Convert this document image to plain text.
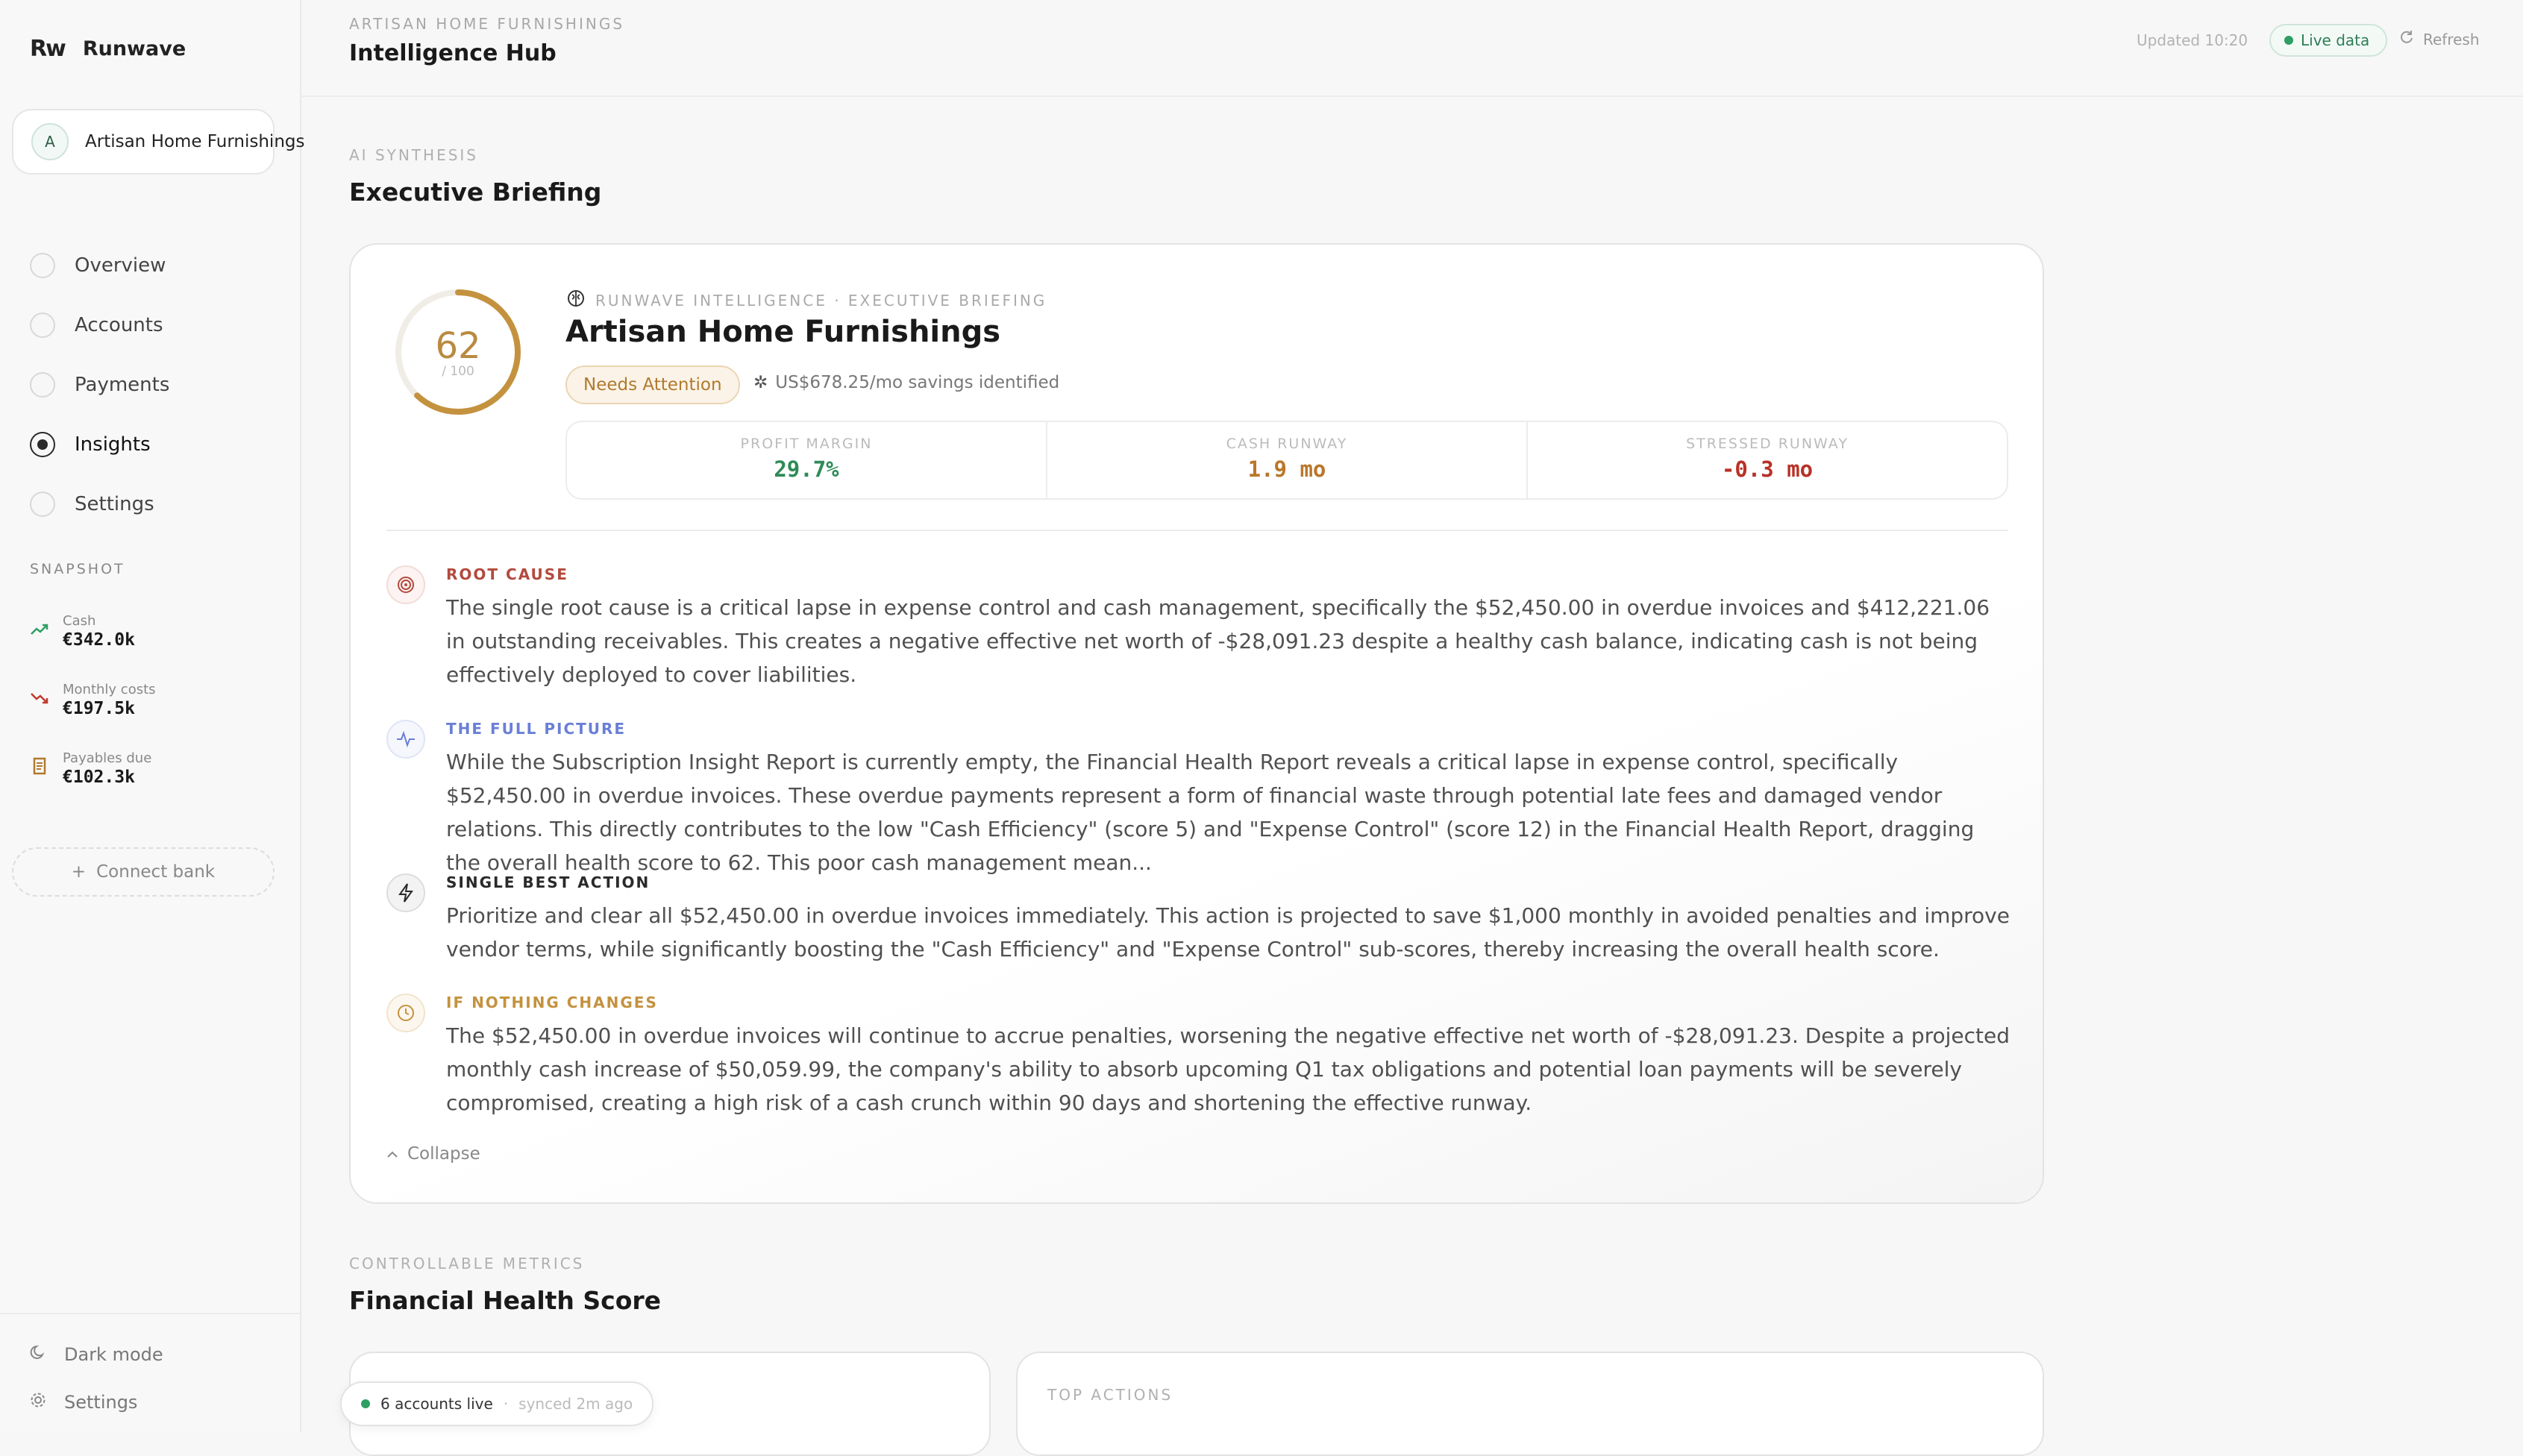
Rw Runwave
A	Artisan Home Furnishings
Overview
Accounts
Payments
Insights
Settings
SNAPSHOT
Cash
€342.0k
Monthly costs
€197.5k
Payables due
€102.3k
+ Connect bank
Dark mode
Settings
ARTISAN HOME FURNISHINGS
Intelligence Hub	Updated 10:20	Live data	Refresh
AI SYNTHESIS
Executive Briefing
62
/ 100
RUNWAVE INTELLIGENCE · EXECUTIVE BRIEFING
Artisan Home Furnishings
Needs Attention	✲ US$678.25/mo savings identified
PROFIT MARGIN
29.7%
CASH RUNWAY
1.9 mo
STRESSED RUNWAY
-0.3 mo
ROOT CAUSE
The single root cause is a critical lapse in expense control and cash management, specifically the $52,450.00 in overdue invoices and $412,221.06 in outstanding receivables. This creates a negative effective net worth of -$28,091.23 despite a healthy cash balance, indicating cash is not being effectively deployed to cover liabilities.
THE FULL PICTURE
While the Subscription Insight Report is currently empty, the Financial Health Report reveals a critical lapse in expense control, specifically $52,450.00 in overdue invoices. These overdue payments represent a form of financial waste through potential late fees and damaged vendor relations. This directly contributes to the low "Cash Efficiency" (score 5) and "Expense Control" (score 12) in the Financial Health Report, dragging the overall health score to 62. This poor cash management mean...
SINGLE BEST ACTION
Prioritize and clear all $52,450.00 in overdue invoices immediately. This action is projected to save $1,000 monthly in avoided penalties and improve vendor terms, while significantly boosting the "Cash Efficiency" and "Expense Control" sub-scores, thereby increasing the overall health score.
IF NOTHING CHANGES
The $52,450.00 in overdue invoices will continue to accrue penalties, worsening the negative effective net worth of -$28,091.23. Despite a projected monthly cash increase of $50,059.99, the company's ability to absorb upcoming Q1 tax obligations and potential loan payments will be severely compromised, creating a high risk of a cash crunch within 90 days and shortening the effective runway.
Collapse
CONTROLLABLE METRICS
Financial Health Score
TOP ACTIONS
6 accounts live · synced 2m ago
